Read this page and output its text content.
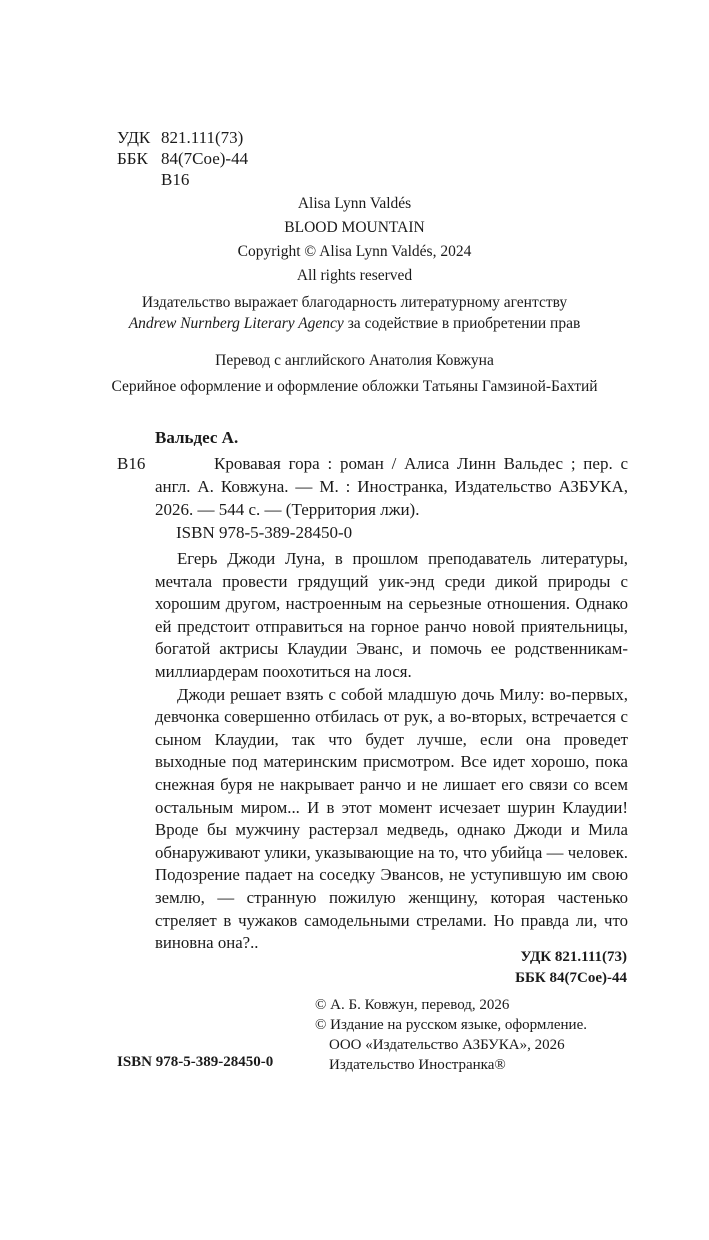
УДК 821.111(73)
ББК 84(7Сое)-44
В16
Alisa Lynn Valdés
BLOOD MOUNTAIN
Copyright © Alisa Lynn Valdés, 2024
All rights reserved
Издательство выражает благодарность литературному агентству
Andrew Nurnberg Literary Agency за содействие в приобретении прав
Перевод с английского Анатолия Ковжуна
Серийное оформление и оформление обложки Татьяны Гамзиной-Бахтий
Вальдес А.
В16	Кровавая гора : роман / Алиса Линн Вальдес ; пер. с англ. А. Ковжуна. — М. : Иностранка, Издательство АЗБУКА, 2026. — 544 с. — (Территория лжи).
ISBN 978-5-389-28450-0

Егерь Джоди Луна, в прошлом преподаватель литературы, мечтала провести грядущий уик-энд среди дикой природы с хорошим другом, настроенным на серьезные отношения. Однако ей предстоит отправиться на горное ранчо новой приятельницы, богатой актрисы Клаудии Эванс, и помочь ее родственникам-миллиардерам поохотиться на лося.

Джоди решает взять с собой младшую дочь Милу: во-первых, девчонка совершенно отбилась от рук, а во-вторых, встречается с сыном Клаудии, так что будет лучше, если она проведет выходные под материнским присмотром. Все идет хорошо, пока снежная буря не накрывает ранчо и не лишает его связи со всем остальным миром... И в этот момент исчезает шурин Клаудии! Вроде бы мужчину растерзал медведь, однако Джоди и Мила обнаруживают улики, указывающие на то, что убийца — человек. Подозрение падает на соседку Эвансов, не уступившую им свою землю, — странную пожилую женщину, которая частенько стреляет в чужаков самодельными стрелами. Но правда ли, что виновна она?..

УДК 821.111(73)
ББК 84(7Сое)-44
© А. Б. Ковжун, перевод, 2026
© Издание на русском языке, оформление.
ООО «Издательство АЗБУКА», 2026
Издательство Иностранка®
ISBN 978-5-389-28450-0
